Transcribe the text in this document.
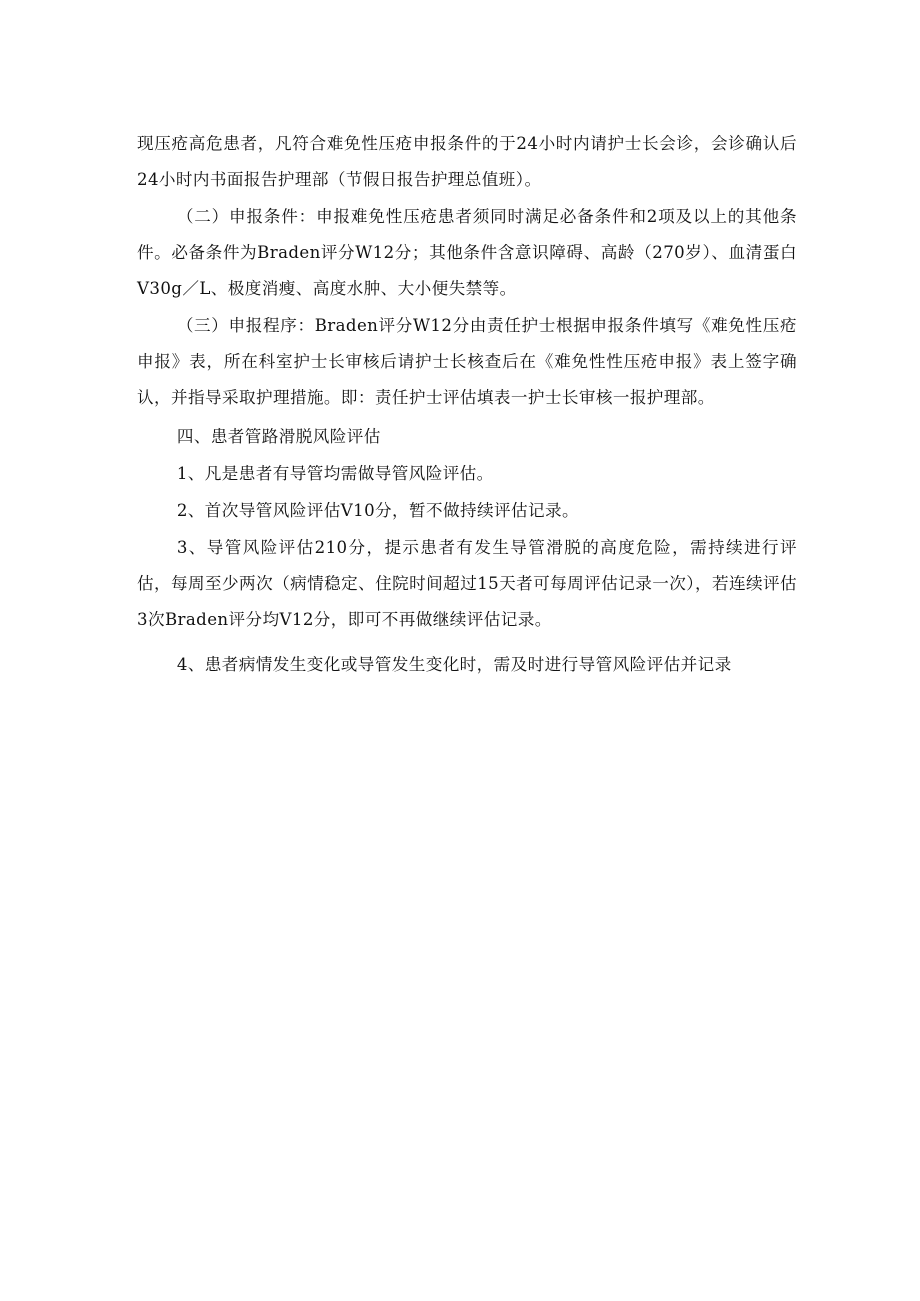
现压疮高危患者，凡符合难免性压疮申报条件的于24小时内请护士长会诊，会诊确认后24小时内书面报告护理部（节假日报告护理总值班）。

（二）申报条件：申报难免性压疮患者须同时满足必备条件和2项及以上的其他条件。必备条件为Braden评分W12分；其他条件含意识障碍、高龄（270岁）、血清蛋白V30g／L、极度消瘦、高度水肿、大小便失禁等。

（三）申报程序：Braden评分W12分由责任护士根据申报条件填写《难免性压疮申报》表，所在科室护士长审核后请护士长核查后在《难免性性压疮申报》表上签字确认，并指导采取护理措施。即：责任护士评估填表一护士长审核一报护理部。

四、患者管路滑脱风险评估

1、凡是患者有导管均需做导管风险评估。

2、首次导管风险评估V10分，暂不做持续评估记录。

3、导管风险评估210分，提示患者有发生导管滑脱的高度危险，需持续进行评估，每周至少两次（病情稳定、住院时间超过15天者可每周评估记录一次），若连续评估3次Braden评分均V12分，即可不再做继续评估记录。

4、患者病情发生变化或导管发生变化时，需及时进行导管风险评估并记录
